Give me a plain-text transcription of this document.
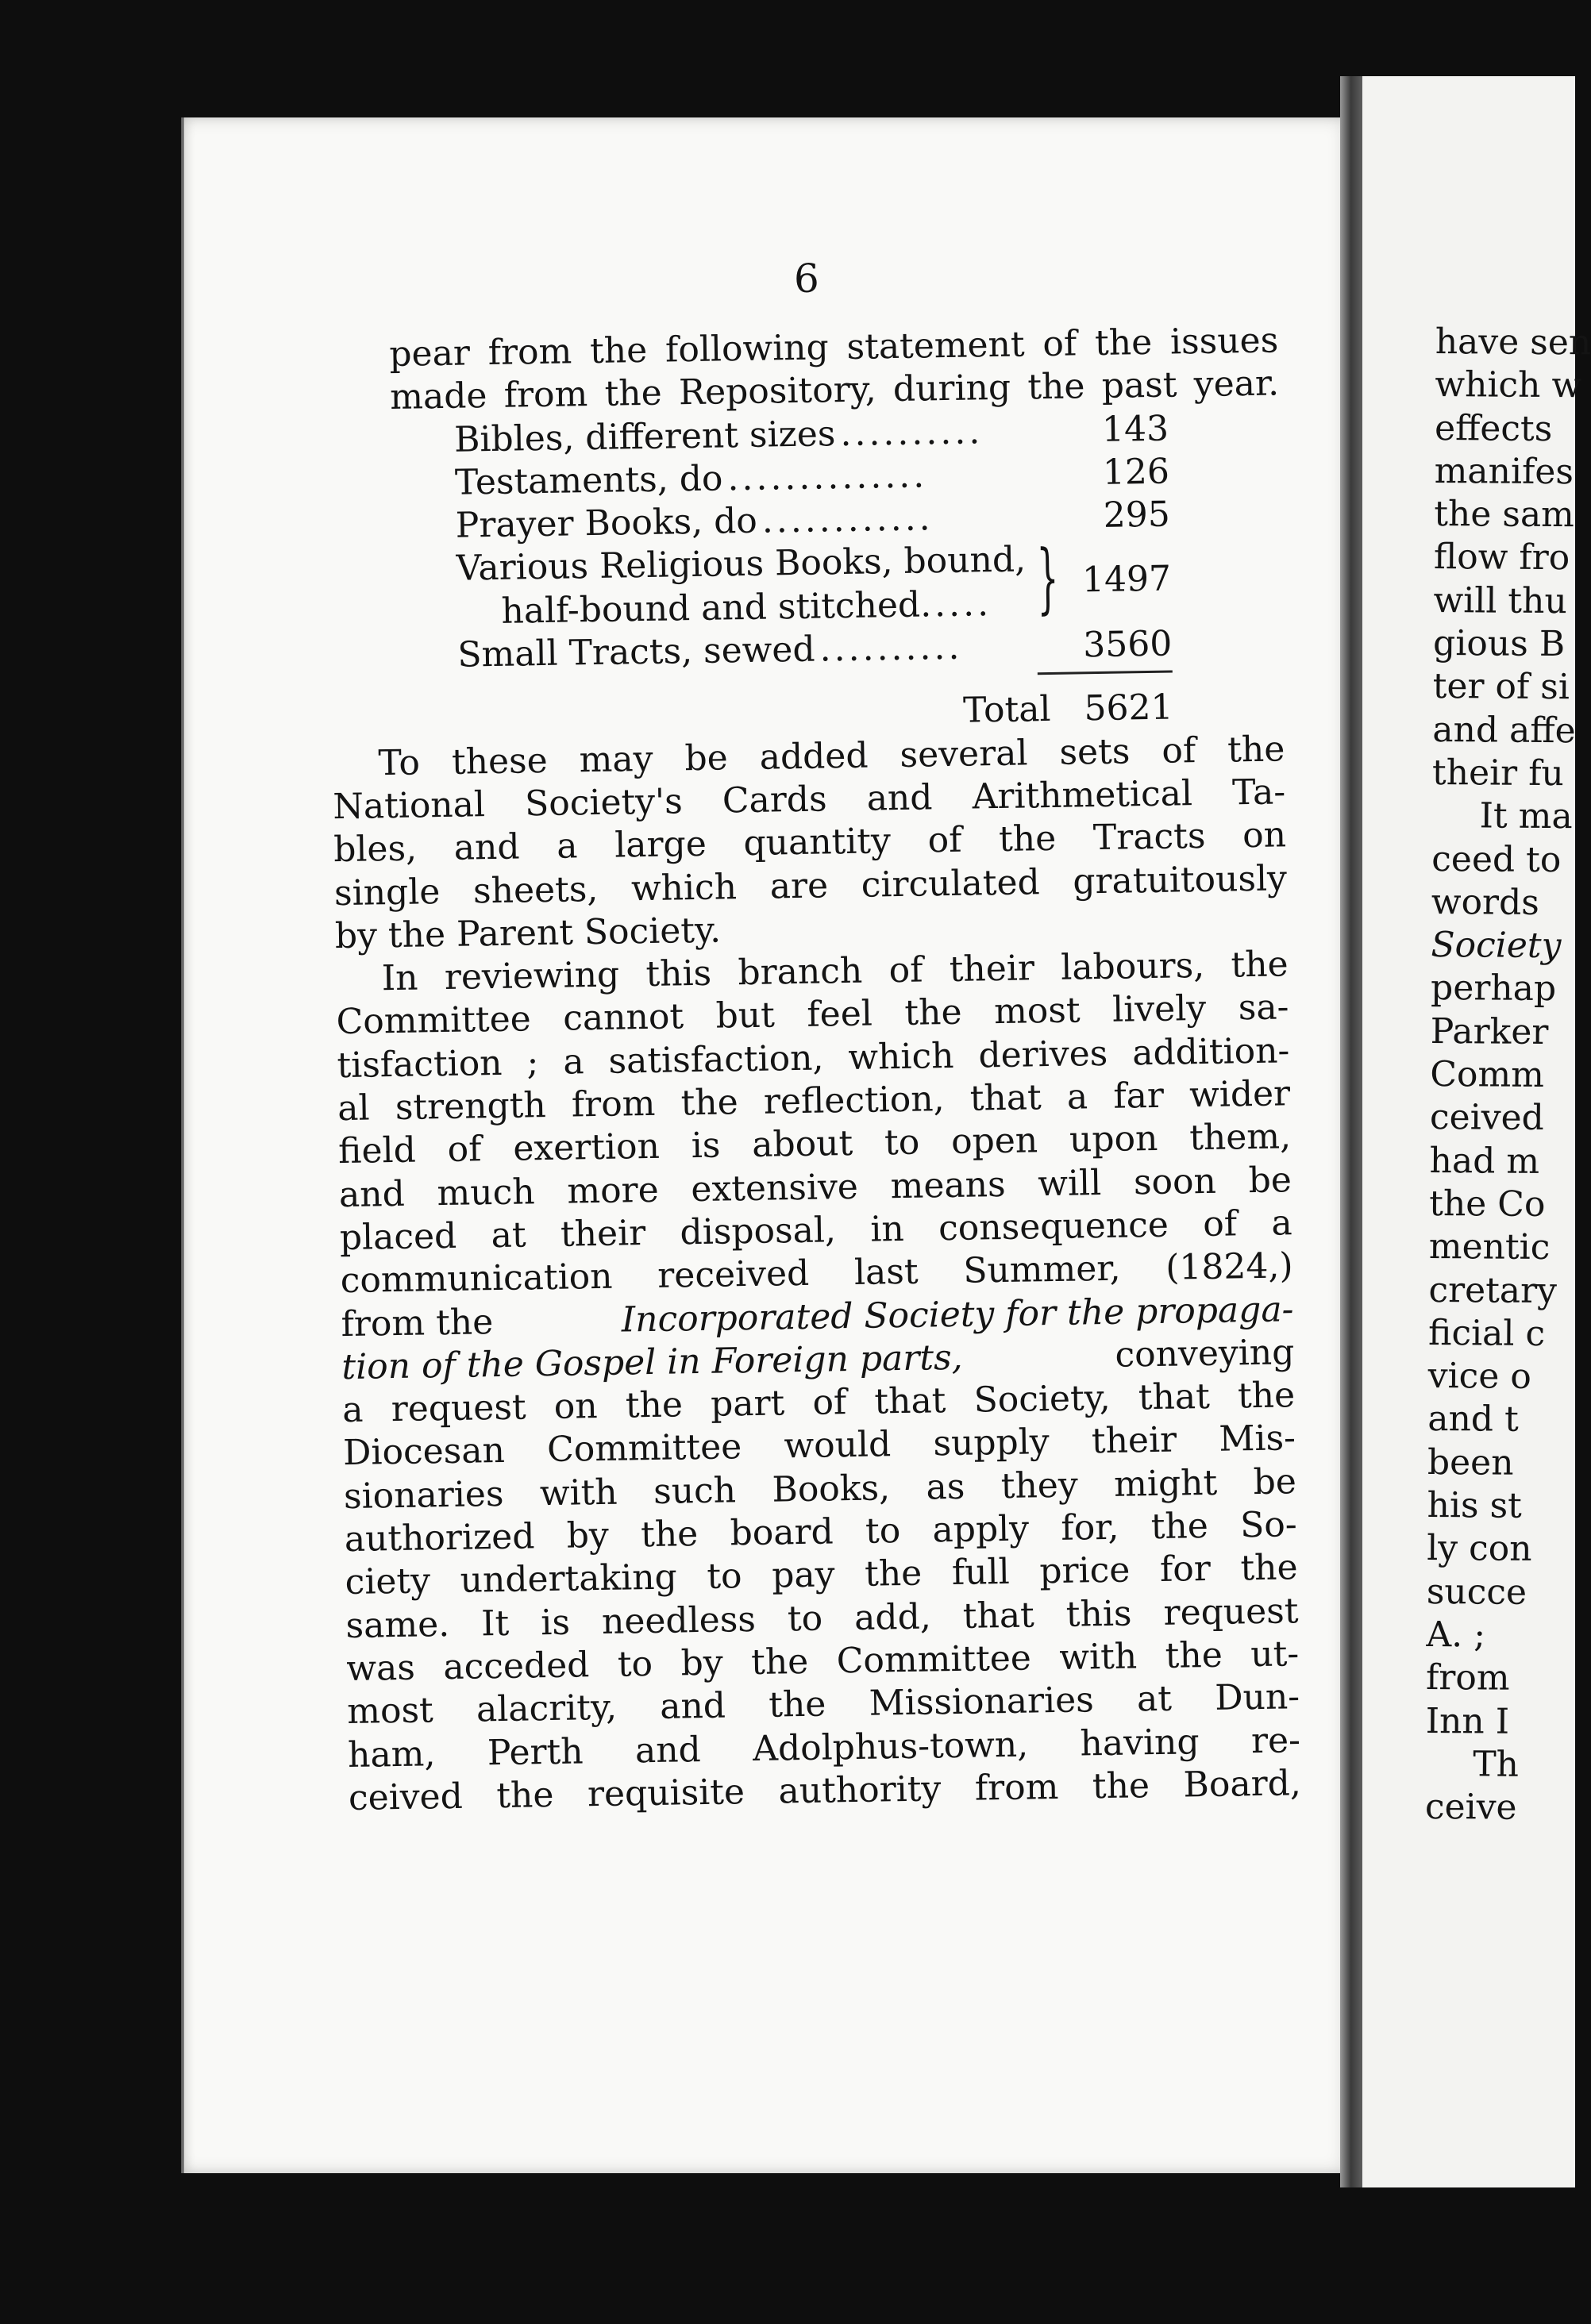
6
pear from the following statement of the issues
made from the Repository, during the past year.
Bibles, different sizes ..........	143
Testaments, do ..............	126
Prayer Books, do ............	295
Various Religious Books, bound,
half-bound and stitched..... } 1497
Small Tracts, sewed ..........	3560
Total 5621
To these may be added several sets of the
National Society's Cards and Arithmetical Ta-
bles, and a large quantity of the Tracts on
single sheets, which are circulated gratuitously
by the Parent Society.
In reviewing this branch of their labours, the
Committee cannot but feel the most lively sa-
tisfaction ; a satisfaction, which derives addition-
al strength from the reflection, that a far wider
field of exertion is about to open upon them,
and much more extensive means will soon be
placed at their disposal, in consequence of a
communication received last Summer, (1824,)
from the	Incorporated Society for the propaga-
tion of the Gospel in Foreign parts,	conveying
a request on the part of that Society, that the
Diocesan Committee would supply their Mis-
sionaries with such Books, as they might be
authorized by the board to apply for, the So-
ciety undertaking to pay the full price for the
same. It is needless to add, that this request
was acceded to by the Committee with the ut-
most alacrity, and the Missionaries at Dun-
ham, Perth and Adolphus-town, having re-
ceived the requisite authority from the Board,
have sen
which w
effects
manifes
the sam
flow fro
will thu
gious B
ter of si
and affe
their fu
It ma
ceed to
words
Society
perhap
Parker
Comm
ceived
had m
the Co
mentic
cretary
ficial c
vice o
and t
been
his st
ly con
succe
A. ;
from
Inn I
Th
ceive
